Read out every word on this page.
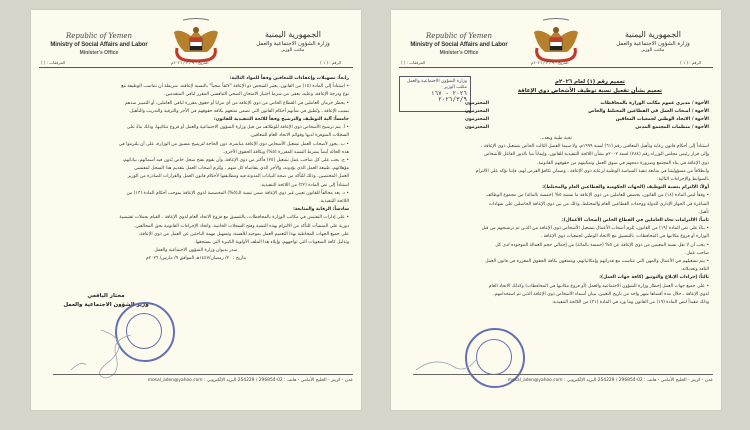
Republic of Yemen
Ministry of Social Affairs and Labor
Minister's Office
الجمهورية اليمنية
وزارة الشؤون الاجتماعية والعمل
مكتب الوزير
المرفقات : ( )	التاريخ : ٩ / ٣ / ٢٠٢٦م	الرقم : ( ١ )

رابعاً: تسهيلات وإعفاءات للمعاقين وفقاً للمواد التالية:

• استناداً إلى المادة (١٥) من القانون، يعتبر الشخص ذو الإعاقة "لائقاً صحياً" بالنسبة لإعاقته، شريطة أن تتناسب الوظيفة مع

نوع ودرجة الإعاقة، وعليه، يعفى من شرط اجتياز الامتحان الصحي التنافسي المقرر لباقي المتقدمين.

• يحظر حرمان العاملين في القطاع الخاص من ذوي الإعاقة من أي مزايا أو حقوق مقررة لباقي العاملين، أو التمييز ضدهم

بسبب الإعاقة ، وتُطبق في شأنهم أحكام القانون التي تضمن تمتعهم بكافة حقوقهم في الأجر والترقية والتدريب والتأهيل.

خامساً: آلية التوظيف والترشيح وفقاً للائحة التنفيذية للقانون:

• أ. يتم ترشيح الأشخاص ذوي الإعاقة للوظائف من قبل وزارة الشؤون الاجتماعية والعمل أو فروع مكاتبها، وذلك بناءً على

السجلات المتوفرة لديها وقوائم الاتحاد العام للمعاقين.

• ب. يجوز لأصحاب العمل تشغيل الأشخاص ذوي الإعاقة مباشرة، دون الحاجة لترشيح مسبق من الوزارة، على أن يلتزموا في

هذه الحالة أيضاً بشرط النسبة المقررة (٥%) وبكافة الحقوق الأخرى.

• ج. يجب على كل صاحب عمل تشغيل (٢٥) فأكثر من ذوي الإعاقة، وأن يقوم بفتح سجل خاص يُدون فيه أسمائهم، بياناتهم،

مؤهلاتهم، طبيعة العمل الذي يؤدونه، والأجر الذي يتقاضاه كل منهم ، ويُلزم أصحاب العمل بتقديم هذا السجل لمفتشي

العمل المختصين، وذلك للتأكد من صحة البيانات المدونة فيه ومطابقتها لأحكام قانون العمل والقرارات الصادرة من الوزير

استناداً إلى نص المادة (٣٢) من اللائحة التنفيذية.

• د. يعد مخالفاً للقانون تعيين غير ذوي الإعاقة ضمن نسبة الـ(٥%) المخصصة لذوي الإعاقة بموجب أحكام المادة (١٣) من

اللائحة التنفيذية.

سادساً: الرقابة والمتابعة:

• على إدارات التفتيش في مكاتب الوزارة بالمحافظات، بالتنسيق مع فروع الاتحاد العام لذوي الإعاقة ، القيام بحملات تفتيشية

دورية على المنشآت للتأكد من الالتزام بهذه النسبة وفتح السجلات الخاصة، واتخاذ الإجراءات القانونية بحق المخالفين.

على جميع الجهات المخاطبة بهذا التعميم العمل بموجبه للأهمية، وتسهيل مهمة الباحثين عن العمل من ذوي الإعاقة،

وتذليل كافة الصعوبات التي تواجههم، وإيلاء هذا الملف الأولوية الكبيرة التي يستحقها.

صدر بديوان وزارة الشؤون الاجتماعية والعمل

بتاريخ : ٢٠/ رمضان/١٤٤٧هـ الموافق ٩/ مارس/ ٢٠٢٦م

مختار اليافعي
وزير الشؤون الاجتماعية والعمل
عدن - كريتر - الخليج الأمامي - هاتف : 02-296854 / 254229 البريد الإلكتروني : mosal_aden@yahoo.com
Republic of Yemen
Ministry of Social Affairs and Labor
Minister's Office
الجمهورية اليمنية
وزارة الشؤون الاجتماعية والعمل
مكتب الوزير
المرفقات : ( )	التاريخ : ٩ / ٣ / ٢٠٢٦م	الرقم : ( ١ )
وزارة الشؤون الاجتماعية والعمل
مكتب الوزير
٢٠٢٦ - ١٦٧
٢٠٢٦/٣/٩
تعميم رقم (١) لعام ٢٠٢٦م
تعميم بشأن تفعيل نسبة توظيف الأشخاص ذوي الإعاقة
الأخوة / مديري عموم مكاتب الوزارة بالمحافظات
المحترمون
الأخوة / أصحاب العمل في القطاعين المختلط والخاص
المحترمون
الأخوة / الاتحاد الوطني لجمعيات المعاقين
المحترمون
الأخوة / منظمات المجتمع المدني
المحترمون

تحية طيبة وبعد،،،

استناداً إلى أحكام قانون رعاية وتأهيل المعاقين رقم (٦١) لسنة ١٩٩٩م، ولا سيما الفصل الثالث الخاص بتشغيل ذوي الإعاقة ،

وإلى قرار رئيس مجلس الوزراء رقم (٢٨٤) لسنة ٢٠٠٢م بشأن اللائحة التنفيذية للقانون، وإيماناً منا بالدور الفاعل للأشخاص

ذوي الإعاقة في بناء المجتمع وضرورة دمجهم في سوق العمل وتمكينهم من حقوقهم القانونية.

وانطلاقاً من مسؤوليتنا في متابعة تنفيذ السياسة الوطنية لرعاية ذوي الإعاقة ، وضمان تكافؤ الفرص لهم، فإننا نؤكد على الالتزام

بالضوابط والإجراءات التالية:

أولاً: الالتزام بنسبة التوظيف (الجهات الحكومية والقطاعين العام والمختلط):

• وفقاً لنص المادة (١٨) من القانون، يخصص للعاملين من ذوي الإعاقة ما نسبته ٥% (خمسة بالمائة) من مجموع الوظائف

الشاغرة في الجهاز الإداري للدولة ووحدات القطاعين العام والمختلط، وذلك من بين ذوي الإعاقة الحاصلين على شهادات

تأهيل.

ثانياً: الالتزامات تجاه العاملين في القطاع الخاص (أصحاب الأعمال):

• بناءً على نص المادة (١٩) من القانون، يُلزم أصحاب الأعمال بتشغيل الأشخاص ذوي الإعاقة من الذين تم ترشيحهم من قبل

الوزارة أو فروع مكاتبها في المحافظات، بالتنسيق مع الاتحاد الوطني لجمعيات ذوي الإعاقة .

• يجب أن لا تقل نسبة المعينين من ذوي الإعاقة عن ٥% (خمسة بالمائة) من إجمالي حجم العمالة الموجودة لدى كل

صاحب عمل.

• يتم تشغيلهم في الأعمال والمهن التي تتناسب مع قدراتهم وإمكانياتهم، ويتمتعون بكافة الحقوق المقررة في قانون العمل

النافذ وتعديلاته.

ثالثاً: إجراءات الإبلاغ والتوثيق (كافة جهات العمل):

• على جميع جهات العمل إخطار وزارة الشؤون الاجتماعية والعمل (أو فروع مكاتبها في المحافظات) وكذلك الاتحاد العام

لذوي الإعاقة ، خلال مدة أقصاها شهر واحد من تاريخ التعيين، ببيان أسماء الأشخاص ذوي الإعاقة الذين تم استخدامهم،

وذلك تنفيذاً لنص المادة (١٩) من القانون وما ورد في المادة (٣١) من اللائحة التنفيذية.

عدن - كريتر - الخليج الأمامي - هاتف : 02-296854 / 254229 البريد الإلكتروني : mosal_aden@yahoo.com
